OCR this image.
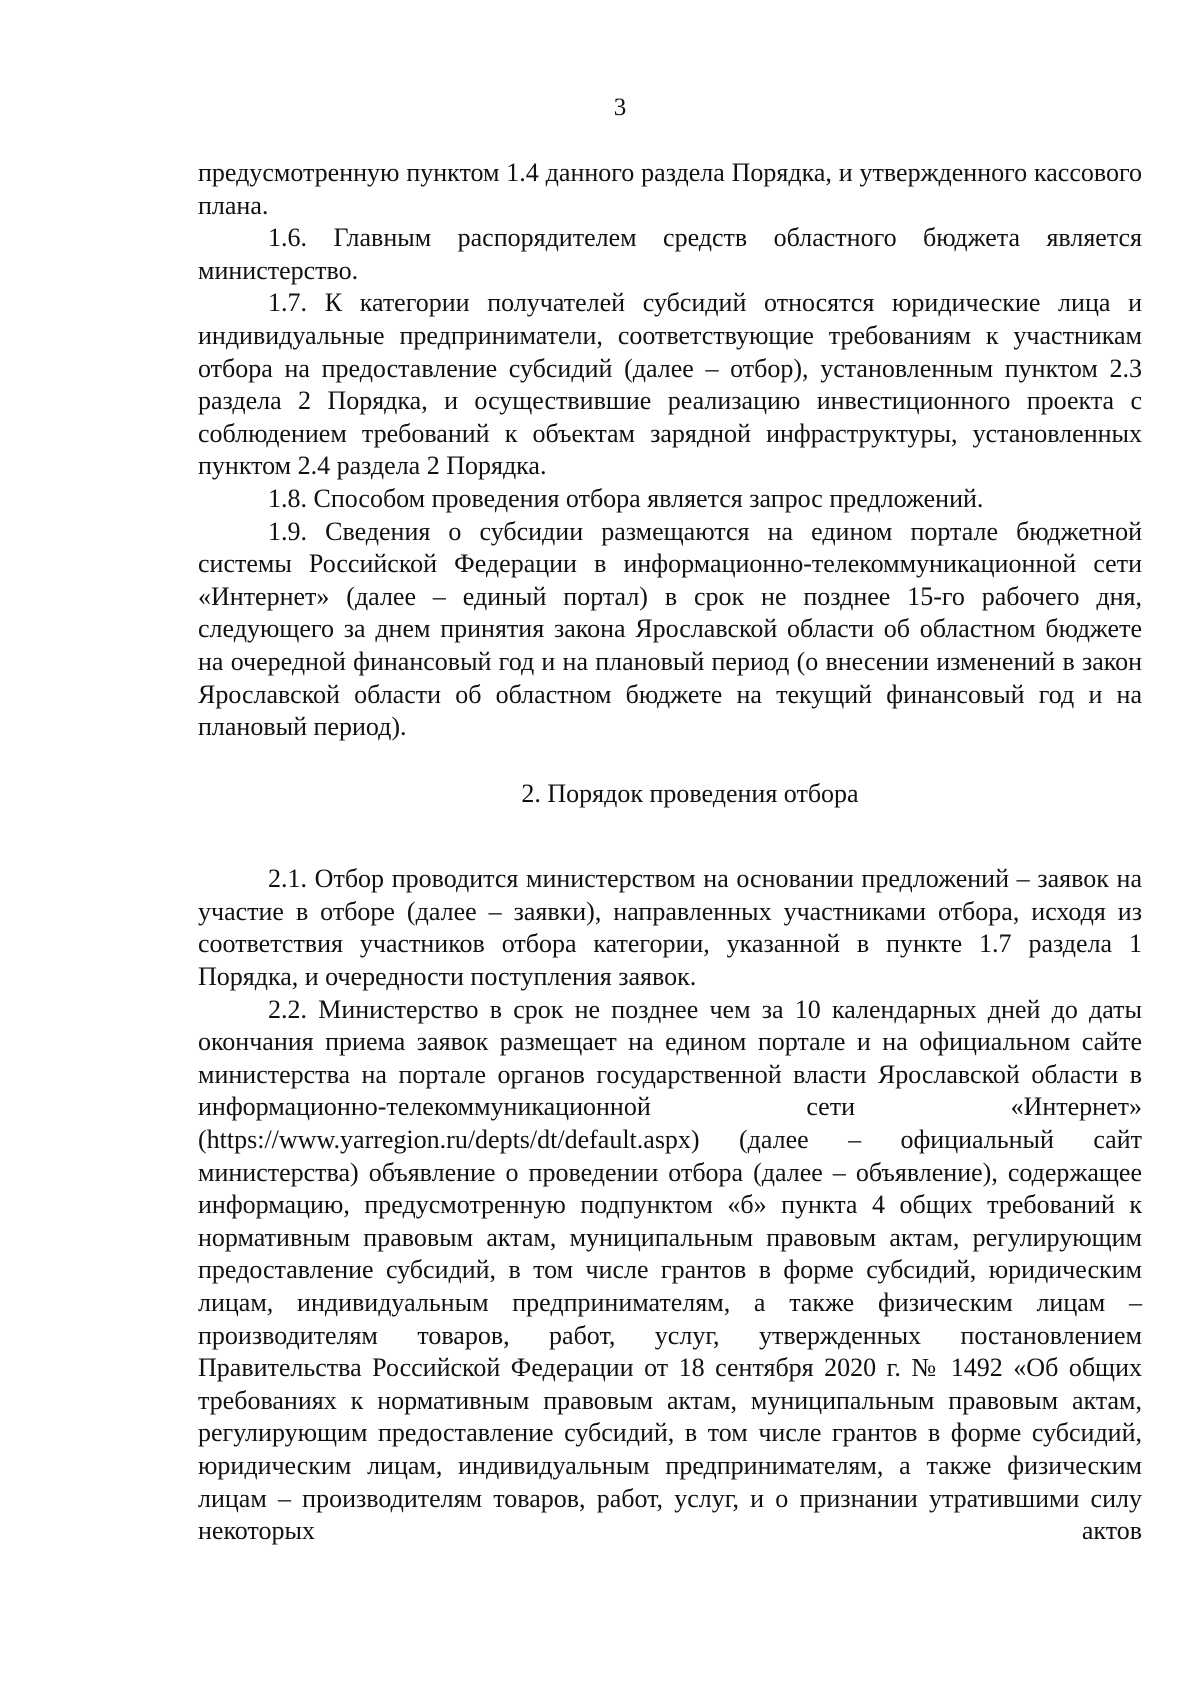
3

предусмотренную пунктом 1.4 данного раздела Порядка, и утвержденного кассового плана.

1.6. Главным распорядителем средств областного бюджета является министерство.

1.7. К категории получателей субсидий относятся юридические лица и индивидуальные предприниматели, соответствующие требованиям к участникам отбора на предоставление субсидий (далее – отбор), установленным пунктом 2.3 раздела 2 Порядка, и осуществившие реализацию инвестиционного проекта с соблюдением требований к объектам зарядной инфраструктуры, установленных пунктом 2.4 раздела 2 Порядка.

1.8. Способом проведения отбора является запрос предложений.

1.9. Сведения о субсидии размещаются на едином портале бюджетной системы Российской Федерации в информационно-телекоммуникационной сети «Интернет» (далее – единый портал) в срок не позднее 15-го рабочего дня, следующего за днем принятия закона Ярославской области об областном бюджете на очередной финансовый год и на плановый период (о внесении изменений в закон Ярославской области об областном бюджете на текущий финансовый год и на плановый период).

2. Порядок проведения отбора

2.1. Отбор проводится министерством на основании предложений – заявок на участие в отборе (далее – заявки), направленных участниками отбора, исходя из соответствия участников отбора категории, указанной в пункте 1.7 раздела 1 Порядка, и очередности поступления заявок.

2.2. Министерство в срок не позднее чем за 10 календарных дней до даты окончания приема заявок размещает на едином портале и на официальном сайте министерства на портале органов государственной власти Ярославской области в информационно-телекоммуникационной сети «Интернет» (https://www.yarregion.ru/depts/dt/default.aspx) (далее – официальный сайт министерства) объявление о проведении отбора (далее – объявление), содержащее информацию, предусмотренную подпунктом «б» пункта 4 общих требований к нормативным правовым актам, муниципальным правовым актам, регулирующим предоставление субсидий, в том числе грантов в форме субсидий, юридическим лицам, индивидуальным предпринимателям, а также физическим лицам – производителям товаров, работ, услуг, утвержденных постановлением Правительства Российской Федерации от 18 сентября 2020 г. № 1492 «Об общих требованиях к нормативным правовым актам, муниципальным правовым актам, регулирующим предоставление субсидий, в том числе грантов в форме субсидий, юридическим лицам, индивидуальным предпринимателям, а также физическим лицам – производителям товаров, работ, услуг, и о признании утратившими силу некоторых актов
